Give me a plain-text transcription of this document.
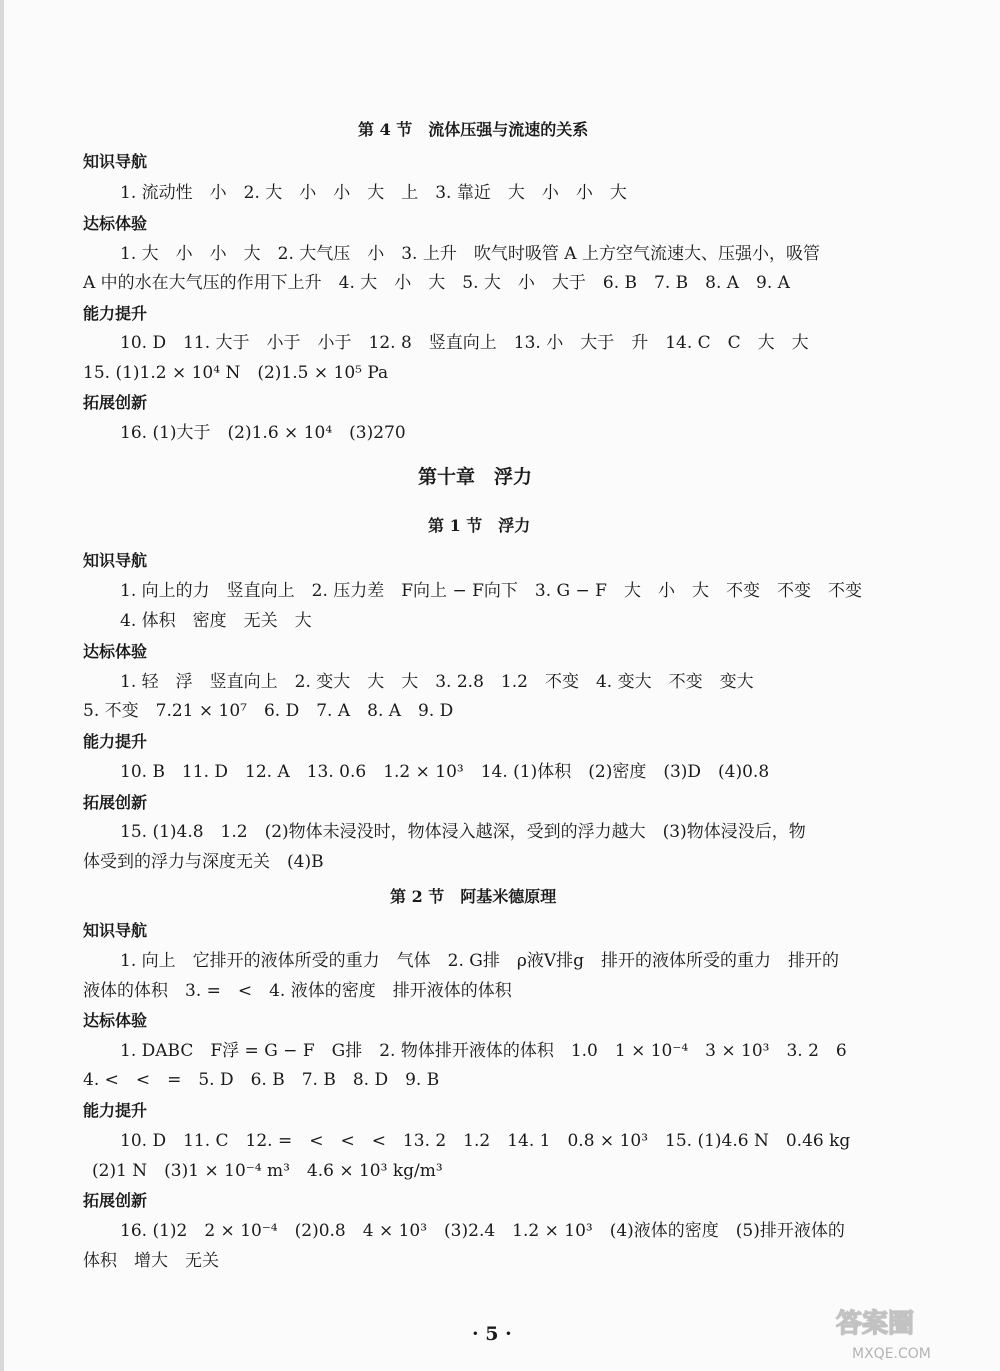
第 4 节　流体压强与流速的关系
知识导航
1. 流动性　小　2. 大　小　小　大　上　3. 靠近　大　小　小　大
达标体验
1. 大　小　小　大　2. 大气压　小　3. 上升　吹气时吸管 A 上方空气流速大、压强小，吸管
A 中的水在大气压的作用下上升　4. 大　小　大　5. 大　小　大于　6. B　7. B　8. A　9. A
能力提升
10. D　11. 大于　小于　小于　12. 8　竖直向上　13. 小　大于　升　14. C　C　大　大
15. (1)1.2 × 10⁴ N　(2)1.5 × 10⁵ Pa
拓展创新
16. (1)大于　(2)1.6 × 10⁴　(3)270
第十章　浮力
第 1 节　浮力
知识导航
1. 向上的力　竖直向上　2. 压力差　F向上 − F向下　3. G − F　大　小　大　不变　不变　不变
4. 体积　密度　无关　大
达标体验
1. 轻　浮　竖直向上　2. 变大　大　大　3. 2.8　1.2　不变　4. 变大　不变　变大
5. 不变　7.21 × 10⁷　6. D　7. A　8. A　9. D
能力提升
10. B　11. D　12. A　13. 0.6　1.2 × 10³　14. (1)体积　(2)密度　(3)D　(4)0.8
拓展创新
15. (1)4.8　1.2　(2)物体未浸没时，物体浸入越深，受到的浮力越大　(3)物体浸没后，物
体受到的浮力与深度无关　(4)B
第 2 节　阿基米德原理
知识导航
1. 向上　它排开的液体所受的重力　气体　2. G排　ρ液V排g　排开的液体所受的重力　排开的
液体的体积　3. =　<　4. 液体的密度　排开液体的体积
达标体验
1. DABC　F浮 = G − F　G排　2. 物体排开液体的体积　1.0　1 × 10⁻⁴　3 × 10³　3. 2　6
4. <　<　=　5. D　6. B　7. B　8. D　9. B
能力提升
10. D　11. C　12. =　<　<　<　13. 2　1.2　14. 1　0.8 × 10³　15. (1)4.6 N　0.46 kg
(2)1 N　(3)1 × 10⁻⁴ m³　4.6 × 10³ kg/m³
拓展创新
16. (1)2　2 × 10⁻⁴　(2)0.8　4 × 10³　(3)2.4　1.2 × 10³　(4)液体的密度　(5)排开液体的
体积　增大　无关
· 5 ·	答案圈
MXQE.COM
